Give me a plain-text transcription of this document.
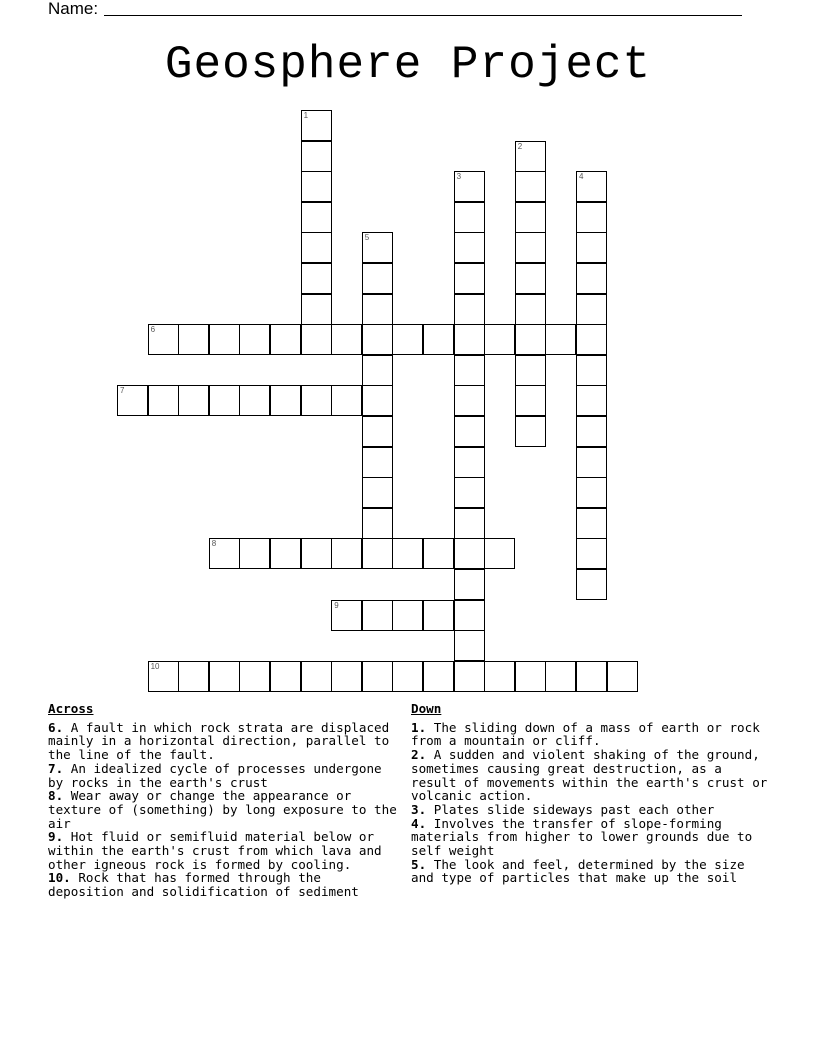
Name:
Geosphere Project
6
7
8
9
10
1
2
3	4
5
Across
6. A fault in which rock strata are displaced mainly in a horizontal direction, parallel to the line of the fault.
7. An idealized cycle of processes undergone by rocks in the earth's crust
8. Wear away or change the appearance or texture of (something) by long exposure to the air
9. Hot fluid or semifluid material below or within the earth's crust from which lava and other igneous rock is formed by cooling.
10. Rock that has formed through the deposition and solidification of sediment
Down
1. The sliding down of a mass of earth or rock from a mountain or cliff.
2. A sudden and violent shaking of the ground, sometimes causing great destruction, as a result of movements within the earth's crust or volcanic action.
3. Plates slide sideways past each other
4. Involves the transfer of slope-forming materials from higher to lower grounds due to self weight
5. The look and feel, determined by the size and type of particles that make up the soil
